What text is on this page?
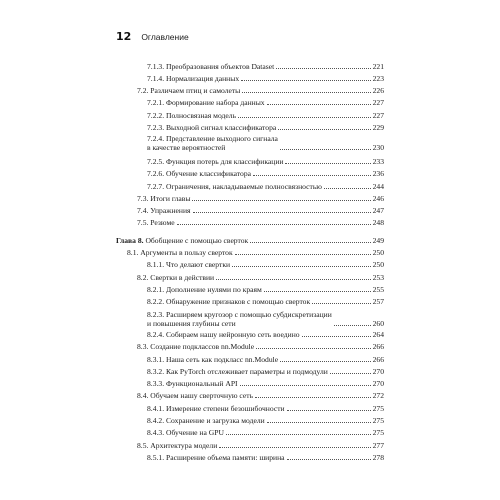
12 Оглавление
7.1.3. Преобразования объектов Dataset	221
7.1.4. Нормализация данных	223
7.2. Различаем птиц и самолеты	226
7.2.1. Формирование набора данных	227
7.2.2. Полносвязная модель	227
7.2.3. Выходной сигнал классификатора	229
7.2.4. Представление выходного сигнала
в качестве вероятностей	230
7.2.5. Функция потерь для классификации	233
7.2.6. Обучение классификатора	236
7.2.7. Ограничения, накладываемые полносвязностью	244
7.3. Итоги главы	246
7.4. Упражнения	247
7.5. Резюме	248
Глава 8. Обобщение с помощью сверток	249
8.1. Аргументы в пользу сверток	250
8.1.1. Что делают свертки	250
8.2. Свертки в действии	253
8.2.1. Дополнение нулями по краям	255
8.2.2. Обнаружение признаков с помощью сверток	257
8.2.3. Расширяем кругозор с помощью субдискретизации
и повышения глубины сети	260
8.2.4. Собираем нашу нейронную сеть воедино	264
8.3. Создание подклассов nn.Module	266
8.3.1. Наша сеть как подкласс nn.Module	266
8.3.2. Как PyTorch отслеживает параметры и подмодули	270
8.3.3. Функциональный API	270
8.4. Обучаем нашу сверточную сеть	272
8.4.1. Измерение степени безошибочности	275
8.4.2. Сохранение и загрузка модели	275
8.4.3. Обучение на GPU	275
8.5. Архитектура модели	277
8.5.1. Расширение объема памяти: ширина	278
